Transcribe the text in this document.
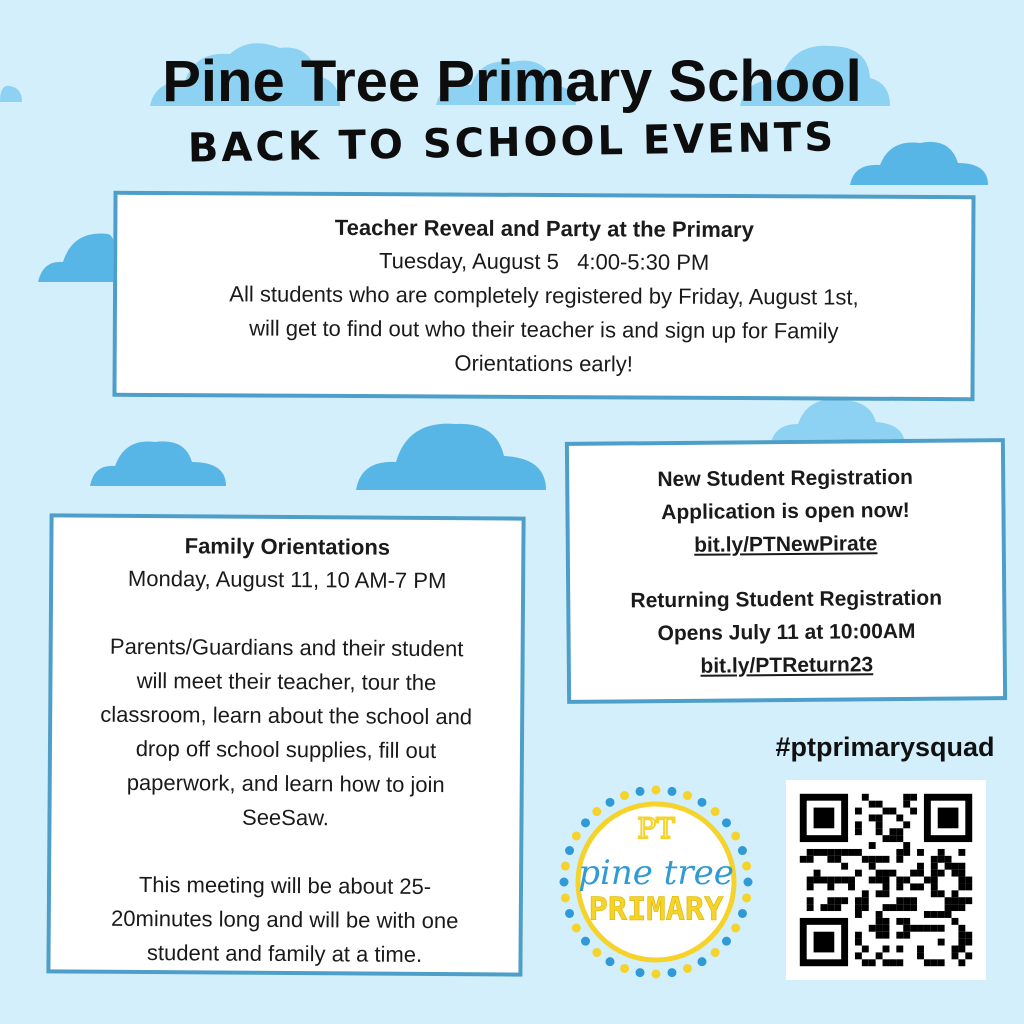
Pine Tree Primary School
BACK TO SCHOOL EVENTS
Teacher Reveal and Party at the Primary
Tuesday, August 5   4:00-5:30 PM
All students who are completely registered by Friday, August 1st,
will get to find out who their teacher is and sign up for Family
Orientations early!
Family Orientations
Monday, August 11, 10 AM-7 PM
Parents/Guardians and their student
will meet their teacher, tour the
classroom, learn about the school and
drop off school supplies, fill out
paperwork, and learn how to join
SeeSaw.
This meeting will be about 25-
20minutes long and will be with one
student and family at a time.
New Student Registration
Application is open now!
bit.ly/PTNewPirate
Returning Student Registration
Opens July 11 at 10:00AM
bit.ly/PTReturn23
#ptprimarysquad
PT
pine tree
PRIMARY
